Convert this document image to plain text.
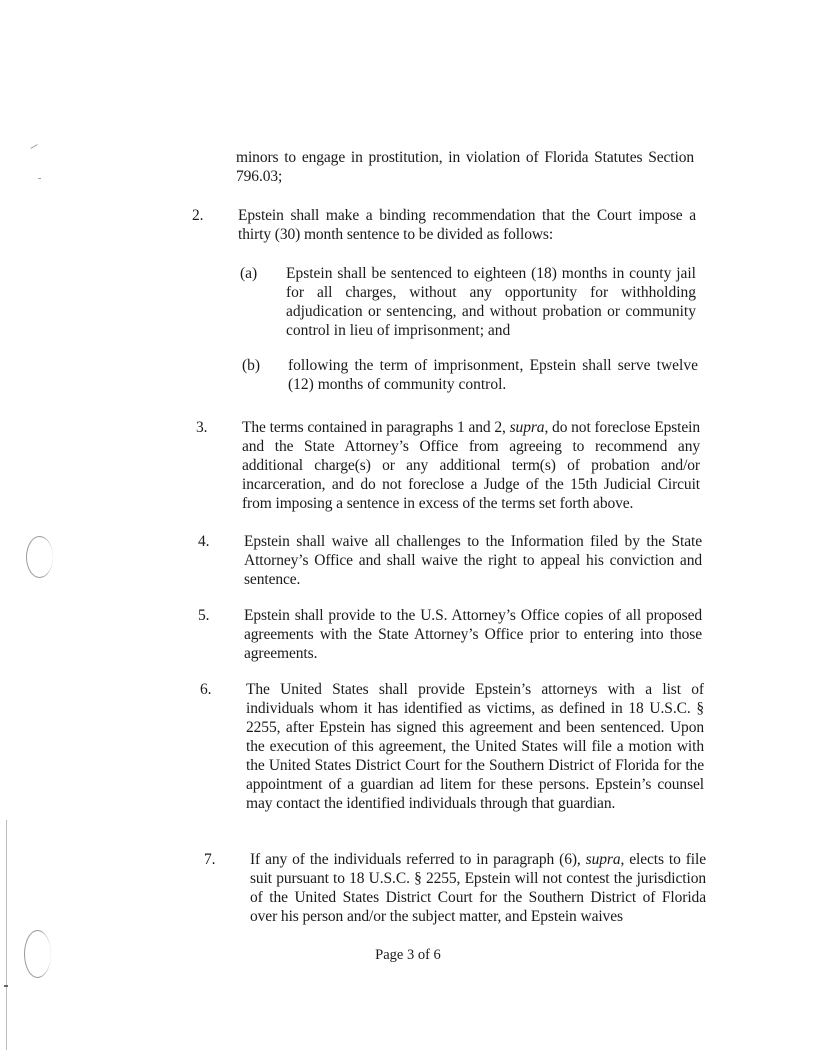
minors to engage in prostitution, in violation of Florida Statutes Section 796.03;
2. Epstein shall make a binding recommendation that the Court impose a thirty (30) month sentence to be divided as follows:
(a) Epstein shall be sentenced to eighteen (18) months in county jail for all charges, without any opportunity for withholding adjudication or sentencing, and without probation or community control in lieu of imprisonment; and
(b) following the term of imprisonment, Epstein shall serve twelve (12) months of community control.
3. The terms contained in paragraphs 1 and 2, supra, do not foreclose Epstein and the State Attorney’s Office from agreeing to recommend any additional charge(s) or any additional term(s) of probation and/or incarceration, and do not foreclose a Judge of the 15th Judicial Circuit from imposing a sentence in excess of the terms set forth above.
4. Epstein shall waive all challenges to the Information filed by the State Attorney’s Office and shall waive the right to appeal his conviction and sentence.
5. Epstein shall provide to the U.S. Attorney’s Office copies of all proposed agreements with the State Attorney’s Office prior to entering into those agreements.
6. The United States shall provide Epstein’s attorneys with a list of individuals whom it has identified as victims, as defined in 18 U.S.C. § 2255, after Epstein has signed this agreement and been sentenced. Upon the execution of this agreement, the United States will file a motion with the United States District Court for the Southern District of Florida for the appointment of a guardian ad litem for these persons. Epstein’s counsel may contact the identified individuals through that guardian.
7. If any of the individuals referred to in paragraph (6), supra, elects to file suit pursuant to 18 U.S.C. § 2255, Epstein will not contest the jurisdiction of the United States District Court for the Southern District of Florida over his person and/or the subject matter, and Epstein waives
Page 3 of 6
